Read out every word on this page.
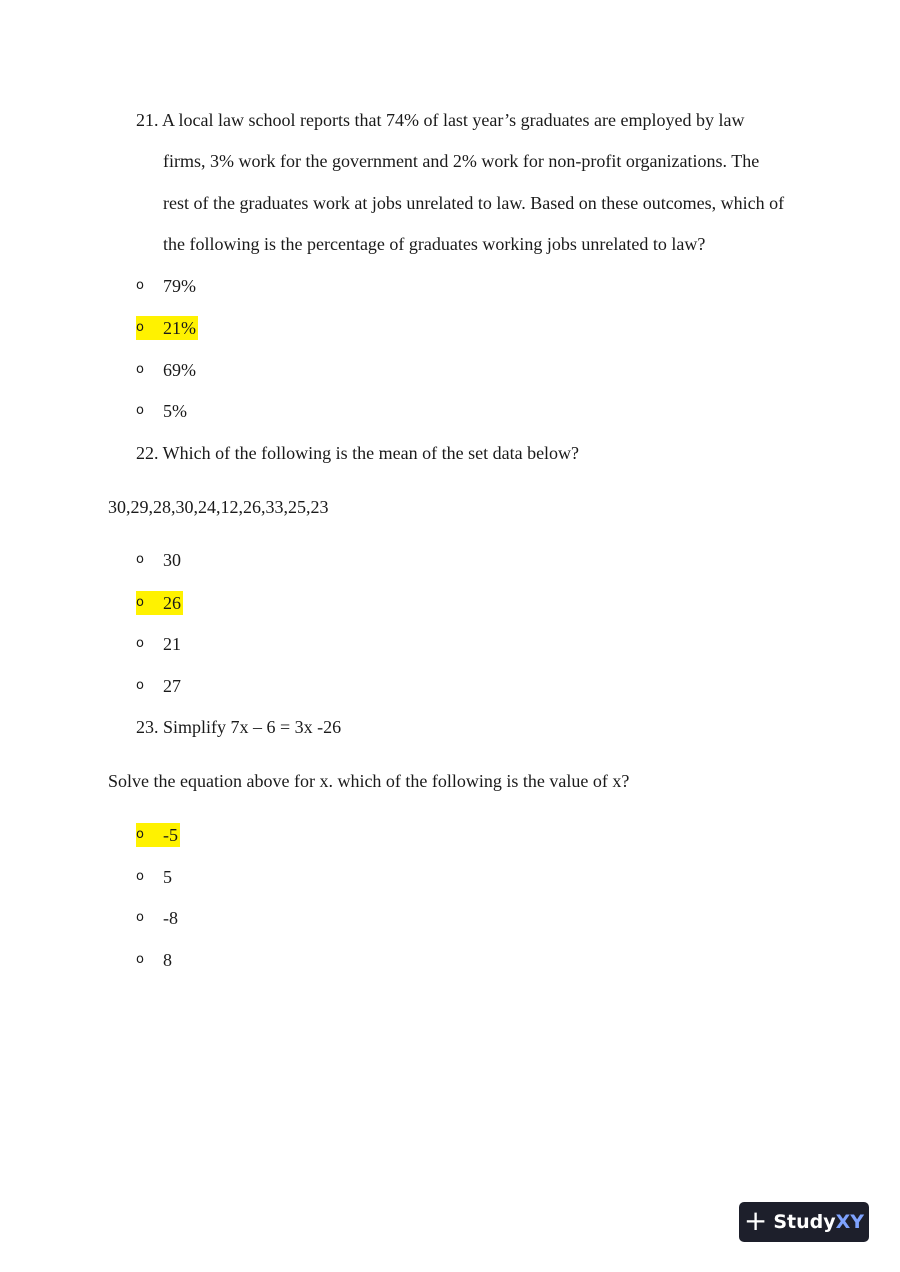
21. A local law school reports that 74% of last year’s graduates are employed by law
firms, 3% work for the government and 2% work for non-profit organizations. The
rest of the graduates work at jobs unrelated to law. Based on these outcomes, which of
the following is the percentage of graduates working jobs unrelated to law?
o 79%
o 21%
o 69%
o 5%
22. Which of the following is the mean of the set data below?
30,29,28,30,24,12,26,33,25,23
o 30
o 26
o 21
o 27
23. Simplify 7x – 6 = 3x -26
Solve the equation above for x. which of the following is the value of x?
o -5
o 5
o -8
o 8
+ StudyXY
